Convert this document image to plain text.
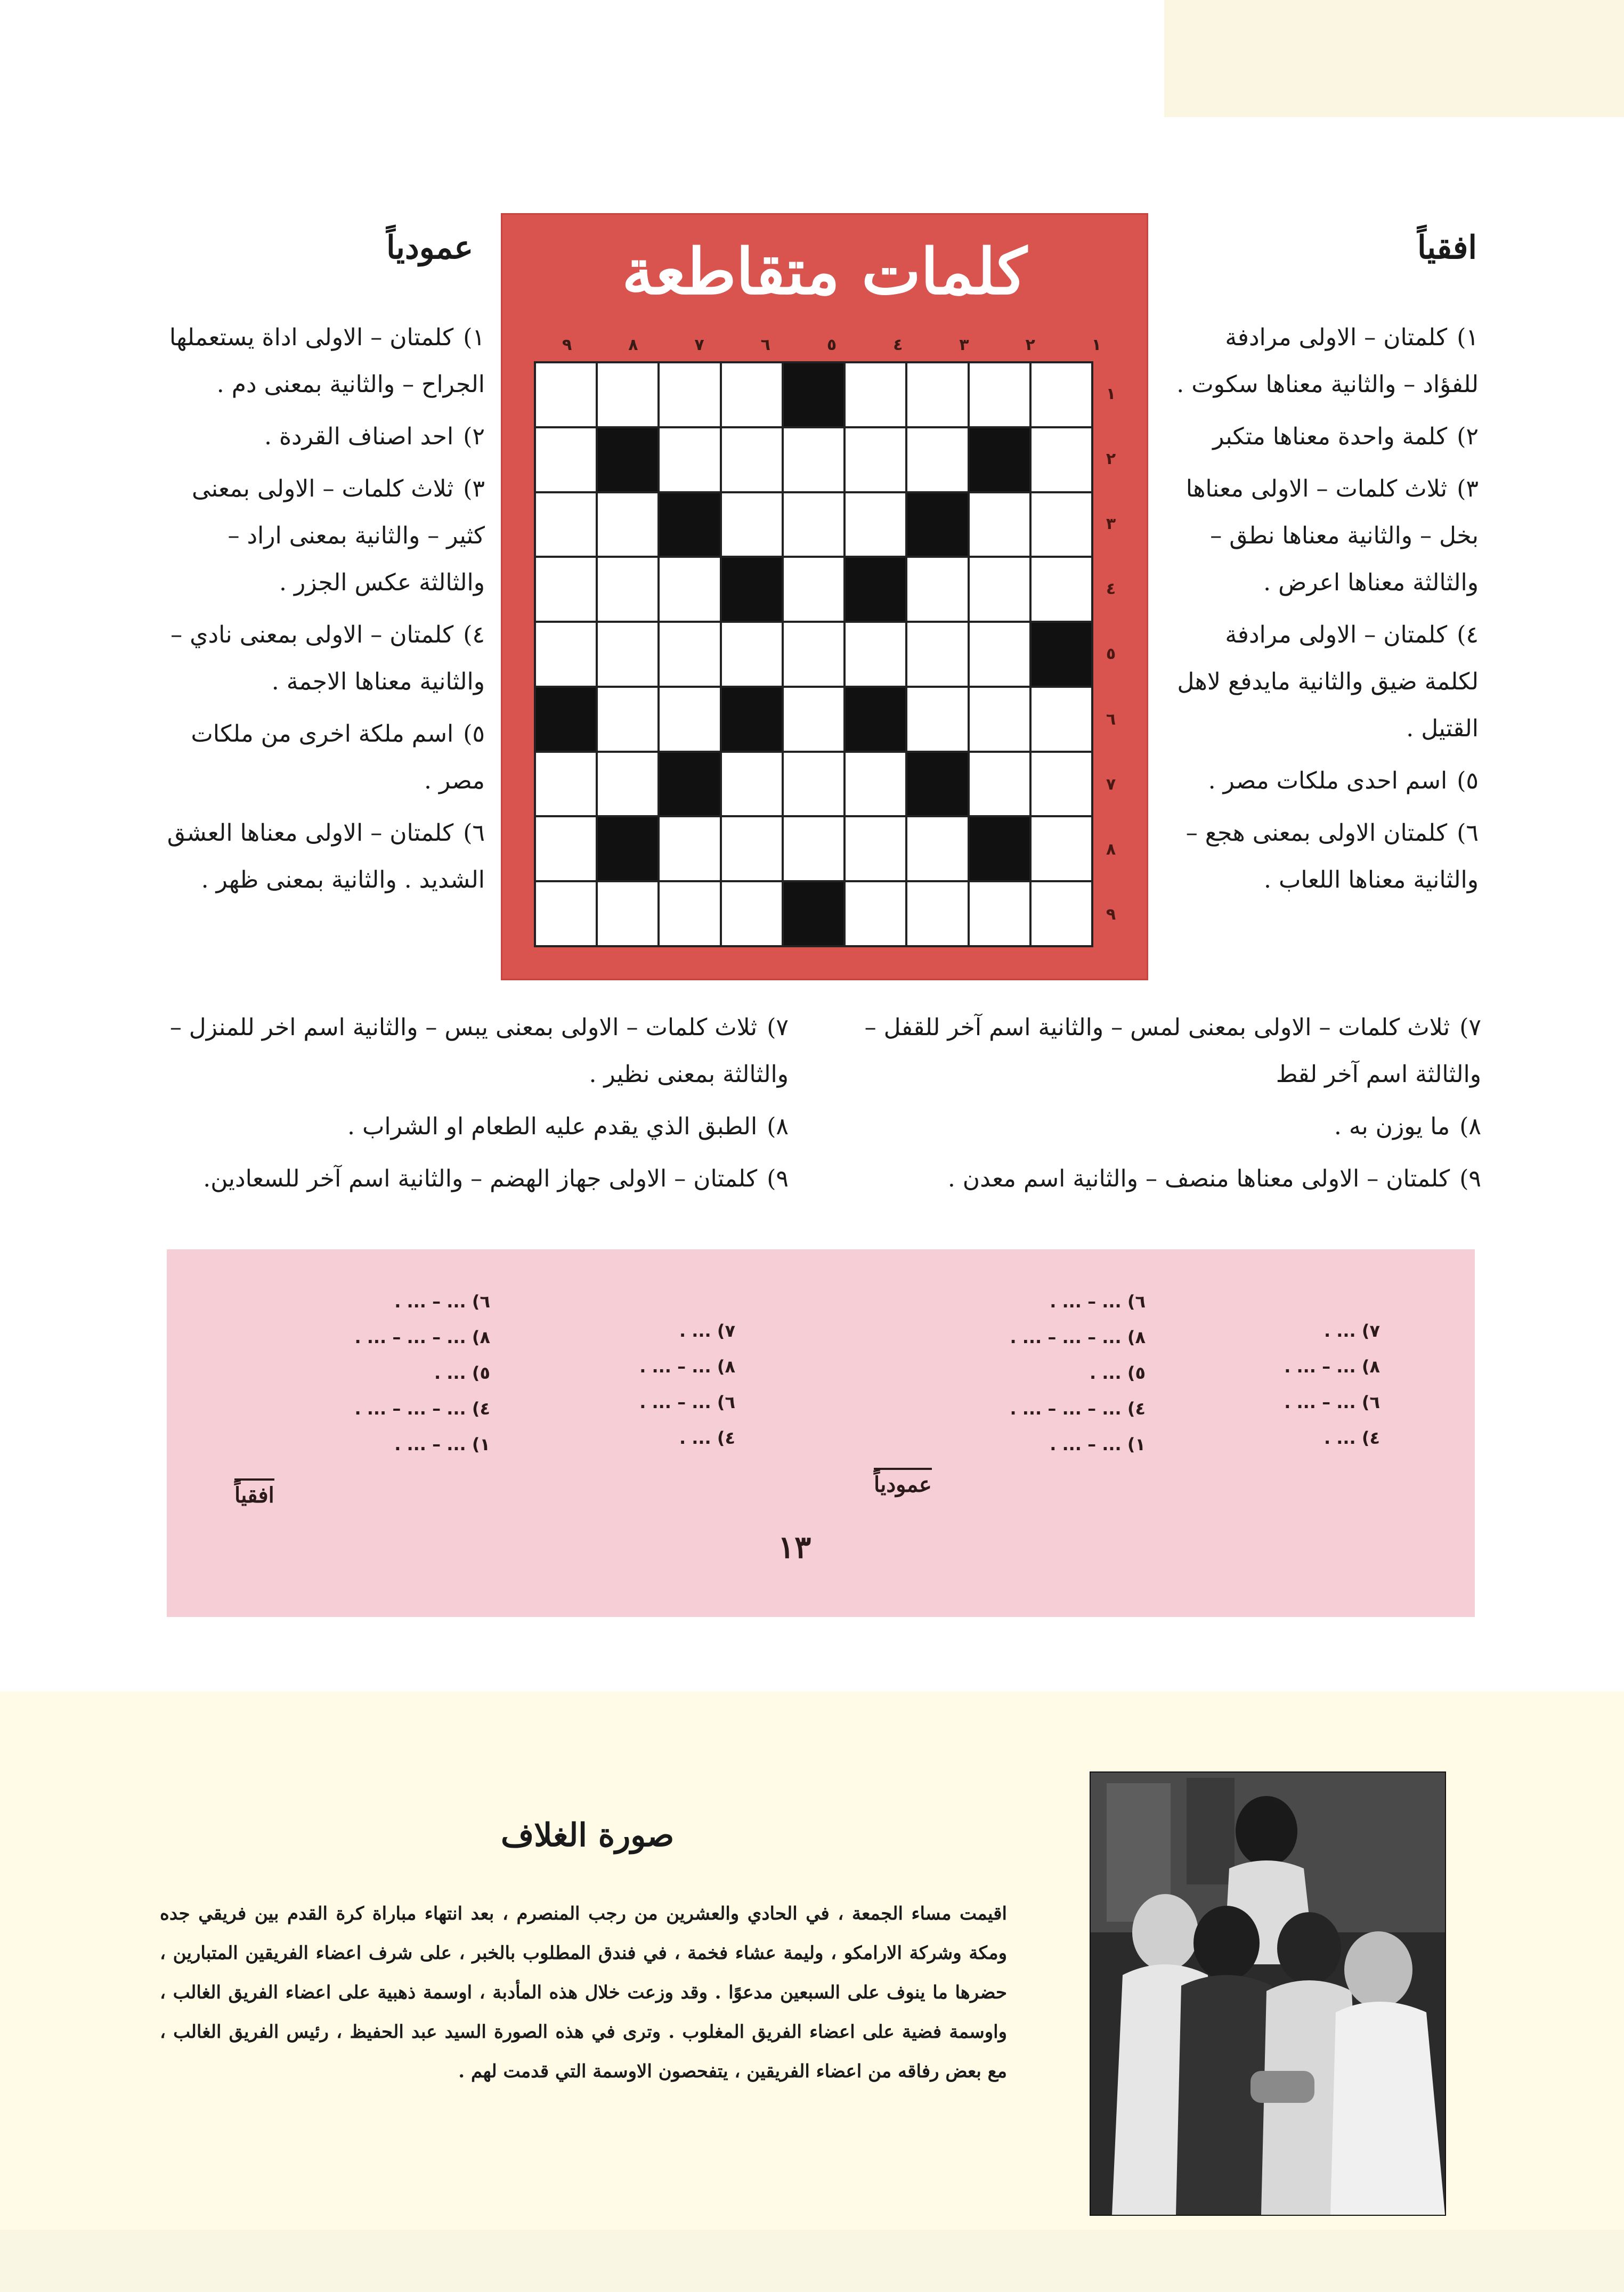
افقياً
١)كلمتان – الاولى مرادفة للفؤاد – والثانية معناها سكوت .
٢)كلمة واحدة معناها متكبر
٣)ثلاث كلمات – الاولى معناها بخل – والثانية معناها نطق – والثالثة معناها اعرض .
٤)كلمتان – الاولى مرادفة لكلمة ضيق والثانية مايدفع لاهل القتيل .
٥)اسم احدى ملكات مصر .
٦)كلمتان الاولى بمعنى هجع – والثانية معناها اللعاب .
عمودياً
١)كلمتان – الاولى اداة يستعملها الجراح – والثانية بمعنى دم .
٢)احد اصناف القردة .
٣)ثلاث كلمات – الاولى بمعنى كثير – والثانية بمعنى اراد – والثالثة عكس الجزر .
٤)كلمتان – الاولى بمعنى نادي – والثانية معناها الاجمة .
٥)اسم ملكة اخرى من ملكات مصر .
٦)كلمتان – الاولى معناها العشق الشديد . والثانية بمعنى ظهر .
كلمات متقاطعة
١
٢
٣
٤
٥
٦
٧
٨
٩
١
٢
٣
٤
٥
٦
٧
٨
٩
٧)ثلاث كلمات – الاولى بمعنى لمس – والثانية اسم آخر للقفل – والثالثة اسم آخر لقط
٨)ما يوزن به .
٩)كلمتان – الاولى معناها منصف – والثانية اسم معدن .
٧)ثلاث كلمات – الاولى بمعنى يبس – والثانية اسم اخر للمنزل – والثالثة بمعنى نظير .
٨)الطبق الذي يقدم عليه الطعام او الشراب .
٩)كلمتان – الاولى جهاز الهضم – والثانية اسم آخر للسعادين.
٦) ... – ... .
٨) ... – ... – ... .
٥) ... .
٤) ... – ... – ... .
١) ... – ... .
٧) ... .
٨) ... – ... .
٦) ... – ... .
٤) ... .
٦) ... – ... .
٨) ... – ... – ... .
٥) ... .
٤) ... – ... – ... .
١) ... – ... .
٧) ... .
٨) ... – ... .
٦) ... – ... .
٤) ... .
افقياً	عمودياً
١٣
صورة الغلاف
اقيمت مساء الجمعة ، في الحادي والعشرين من رجب المنصرم ، بعد انتهاء مباراة كرة القدم بين فريقي جده ومكة وشركة الارامكو ، وليمة عشاء فخمة ، في فندق المطلوب بالخبر ، على شرف اعضاء الفريقين المتبارين ، حضرها ما ينوف على السبعين مدعوًا . وقد وزعت خلال هذه المأدبة ، اوسمة ذهبية على اعضاء الفريق الغالب ، واوسمة فضية على اعضاء الفريق المغلوب . وترى في هذه الصورة السيد عبد الحفيظ ، رئيس الفريق الغالب ، مع بعض رفاقه من اعضاء الفريقين ، يتفحصون الاوسمة التي قدمت لهم .
